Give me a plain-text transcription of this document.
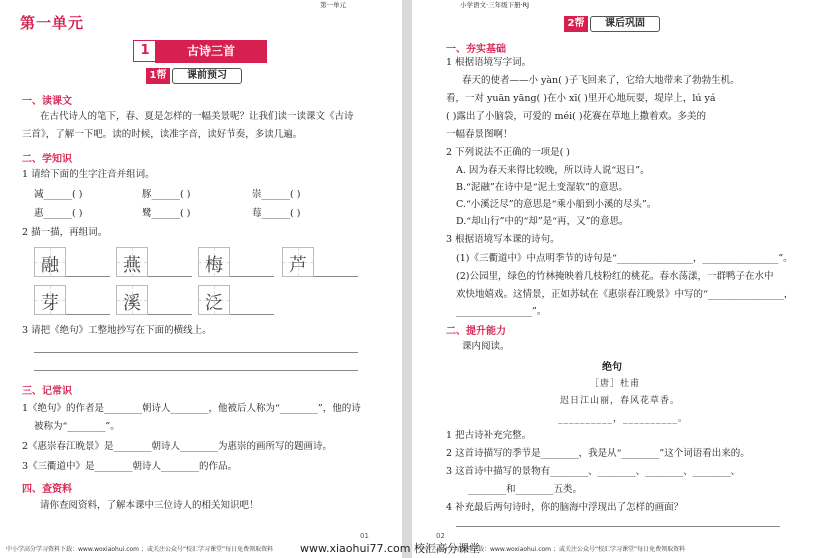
第一单元
第一单元
1	古诗三首
1帮	课前预习
一、读课文
在古代诗人的笔下，春、夏是怎样的一幅美景呢？让我们读一读课文《古诗
三首》，了解一下吧。读的时候，读准字音，读好节奏，多读几遍。
二、学知识
1 请给下面的生字注音并组词。
减______( )	豚______( )	崇______( )
惠______( )	鹭______( )	莓______( )
2 描一描，再组词。
融	燕	梅	芦
芽	溪	泛
3 请把《绝句》工整地抄写在下面的横线上。
三、记常识
1《绝句》的作者是________朝诗人________，他被后人称为“________”，他的诗
被称为“________”。
2《惠崇春江晚景》是________朝诗人________为惠崇的画所写的题画诗。
3《三衢道中》是________朝诗人________的作品。
四、查资料
请你查阅资料，了解本课中三位诗人的相关知识吧！
01
中小学高分学习资料下载：www.woxiaohui.com ；或关注公众号“校汇学习课堂”每日免费领取资料
小学语文·三年级下册·RJ
2帮	课后巩固
一、夯实基础
1 根据语境写字词。
春天的使者——小 yàn( )子飞回来了，它给大地带来了勃勃生机。
看，一对 yuān yāng( )在小 xī( )里开心地玩耍，堤岸上，lú yá
( )露出了小脑袋，可爱的 méi( )花赛在草地上撒着欢。多美的
一幅春景图啊！
2 下列说法不正确的一项是( )
A. 因为春天来得比较晚，所以诗人说“迟日”。
B.“泥融”在诗中是“泥土变湿软”的意思。
C.“小溪泛尽”的意思是“乘小船到小溪的尽头”。
D.“却山行”中的“却”是“再，又”的意思。
3 根据语境写本课的诗句。
(1)《三衢道中》中点明季节的诗句是“________________，________________”。
(2)公园里，绿色的竹林掩映着几枝粉红的桃花。春水荡漾，一群鸭子在水中
欢快地嬉戏。这情景，正如苏轼在《惠崇春江晚景》中写的“________________，
________________”。
二、提升能力
课内阅读。
绝句
［唐］杜甫
迟日江山丽，春风花草香。
__________，__________。
1 把古诗补充完整。
2 这首诗描写的季节是________，我是从“________”这个词语看出来的。
3 这首诗中描写的景物有________、________、________、________、
________和________五类。
4 补充最后两句诗时，你的脑海中浮现出了怎样的画面？
02
中小学高分学习资料下载：www.woxiaohui.com ；或关注公众号“校汇学习课堂”每日免费领取资料
www.xiaohui77.com 校汇高分课堂
